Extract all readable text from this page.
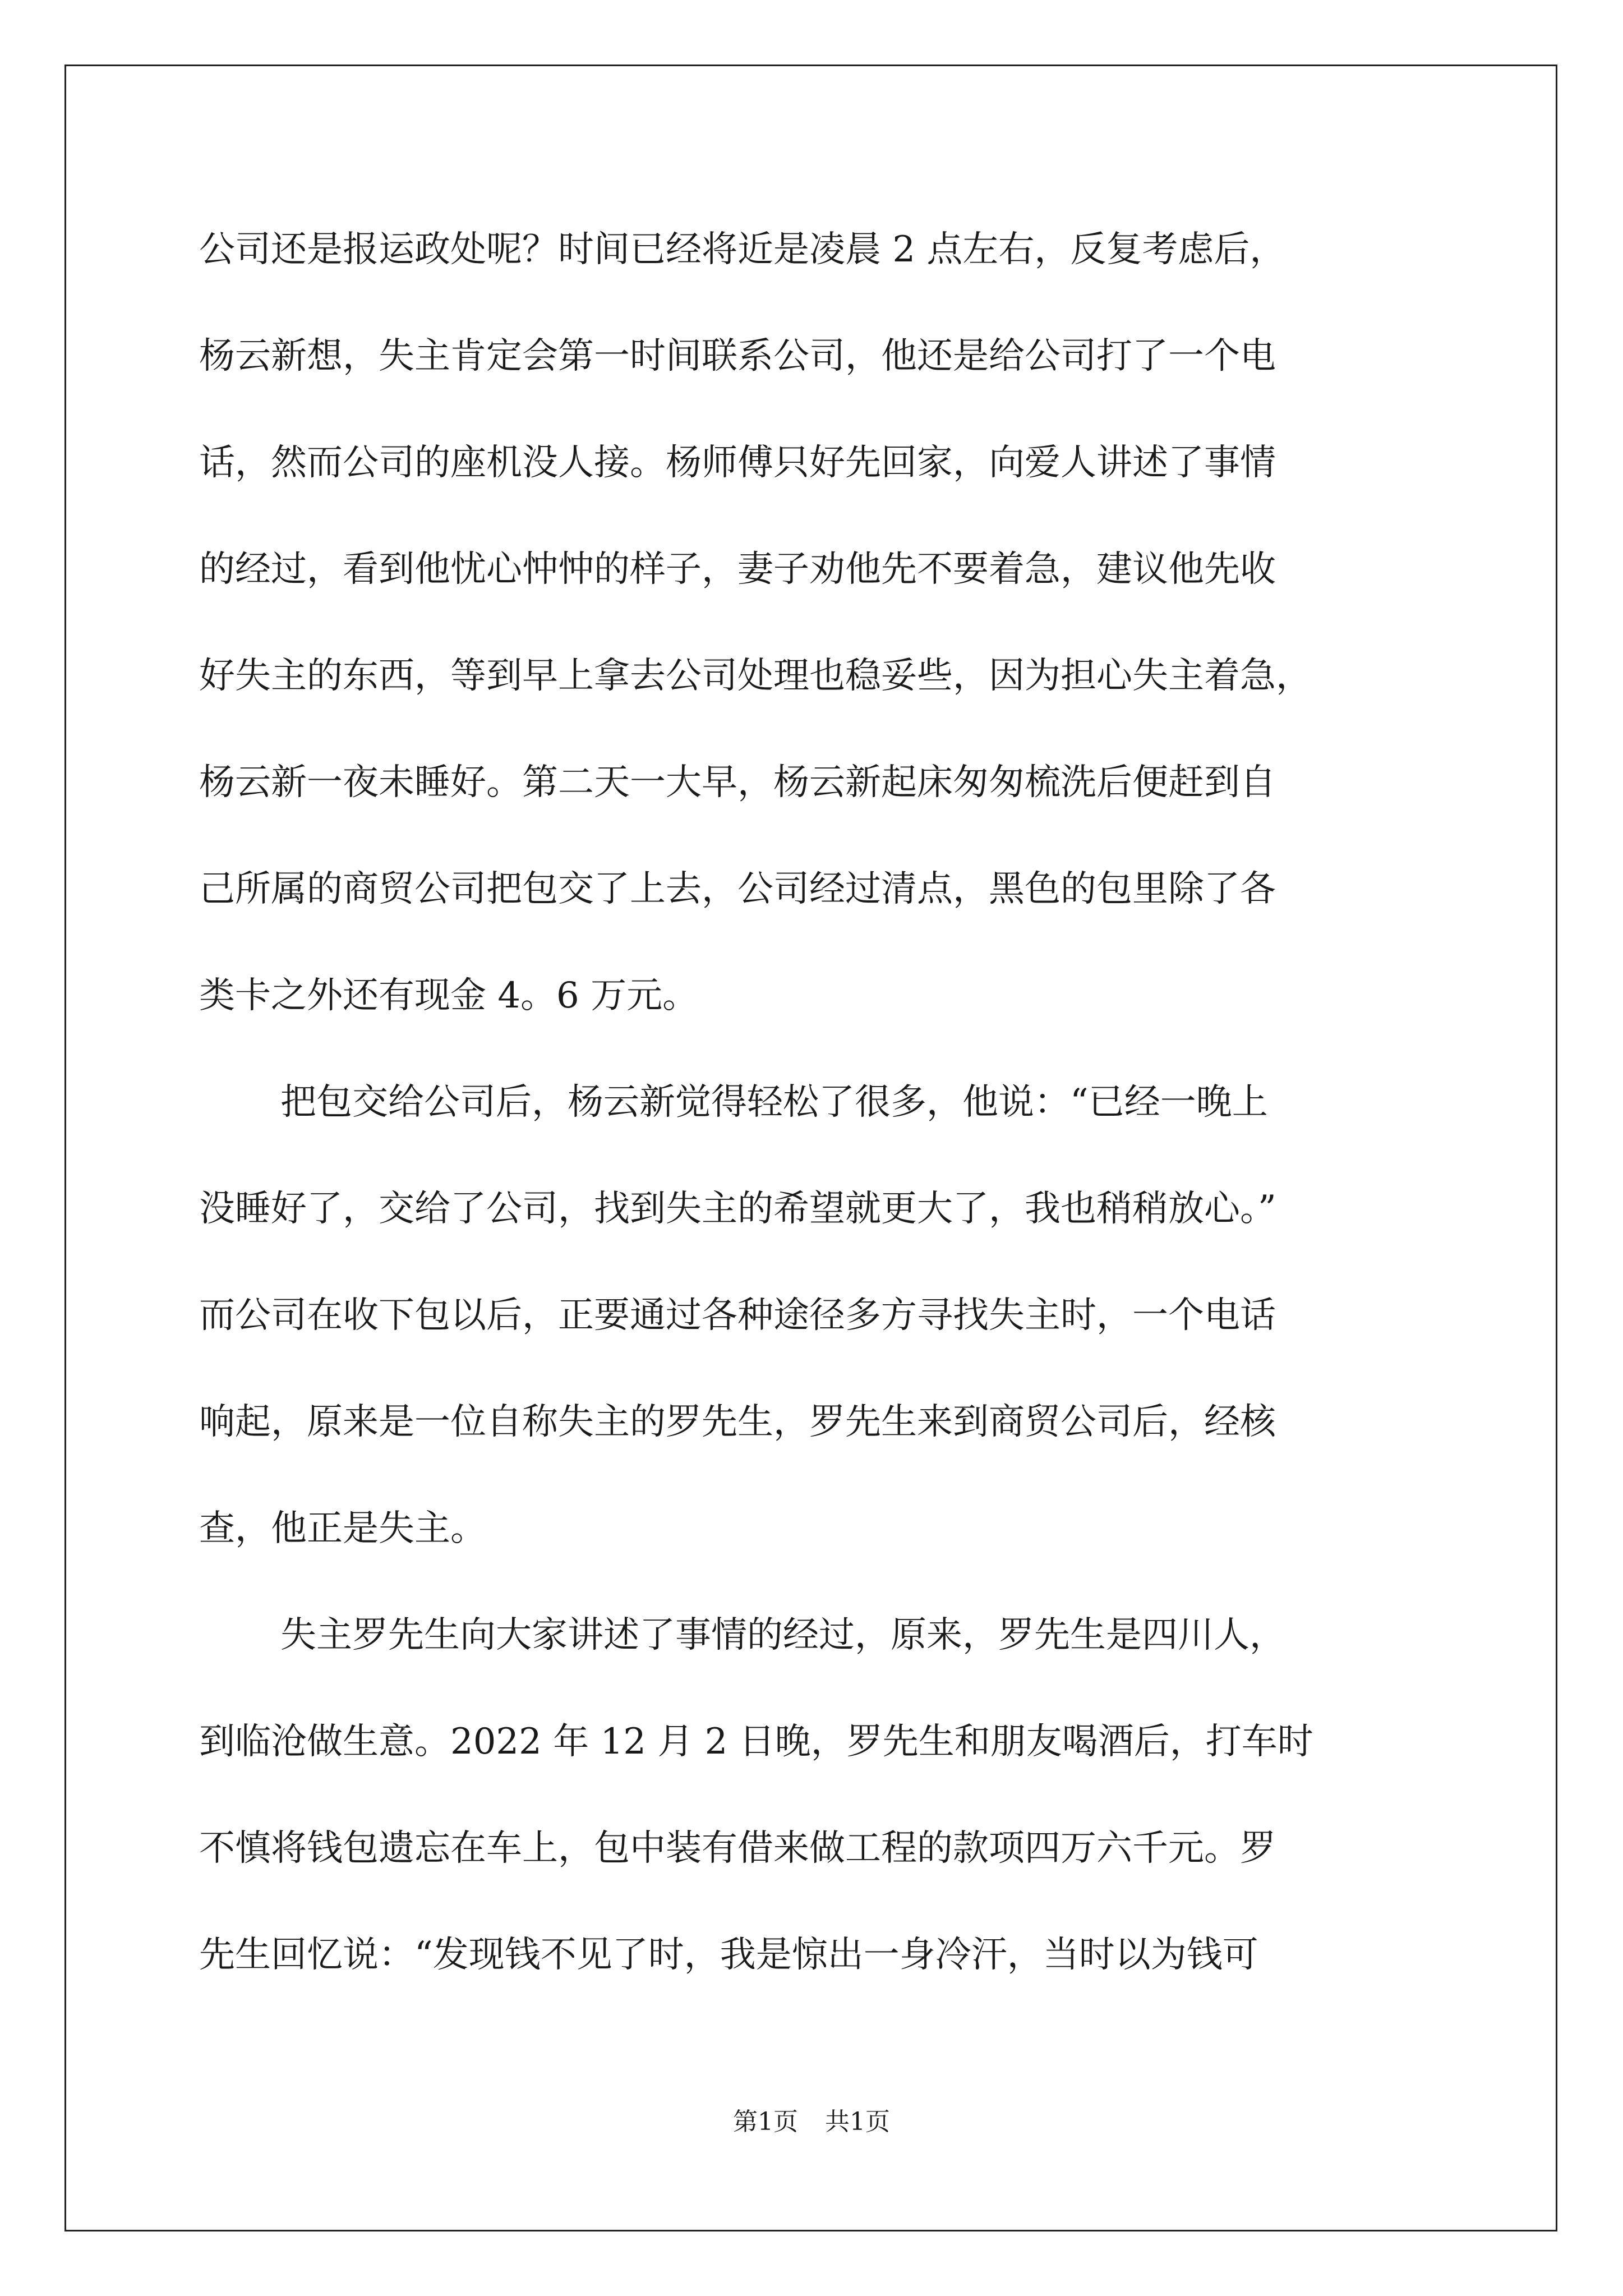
公司还是报运政处呢？时间已经将近是凌晨 2 点左右，反复考虑后，
杨云新想，失主肯定会第一时间联系公司，他还是给公司打了一个电
话，然而公司的座机没人接。杨师傅只好先回家，向爱人讲述了事情
的经过，看到他忧心忡忡的样子，妻子劝他先不要着急，建议他先收
好失主的东西，等到早上拿去公司处理也稳妥些，因为担心失主着急，
杨云新一夜未睡好。第二天一大早，杨云新起床匆匆梳洗后便赶到自
己所属的商贸公司把包交了上去，公司经过清点，黑色的包里除了各
类卡之外还有现金 4。6 万元。
把包交给公司后，杨云新觉得轻松了很多，他说：“已经一晚上
没睡好了，交给了公司，找到失主的希望就更大了，我也稍稍放心。”
而公司在收下包以后，正要通过各种途径多方寻找失主时，一个电话
响起，原来是一位自称失主的罗先生，罗先生来到商贸公司后，经核
查，他正是失主。
失主罗先生向大家讲述了事情的经过，原来，罗先生是四川人，
到临沧做生意。2022 年 12 月 2 日晚，罗先生和朋友喝酒后，打车时
不慎将钱包遗忘在车上，包中装有借来做工程的款项四万六千元。罗
先生回忆说：“发现钱不见了时，我是惊出一身冷汗，当时以为钱可
第1页 共1页
